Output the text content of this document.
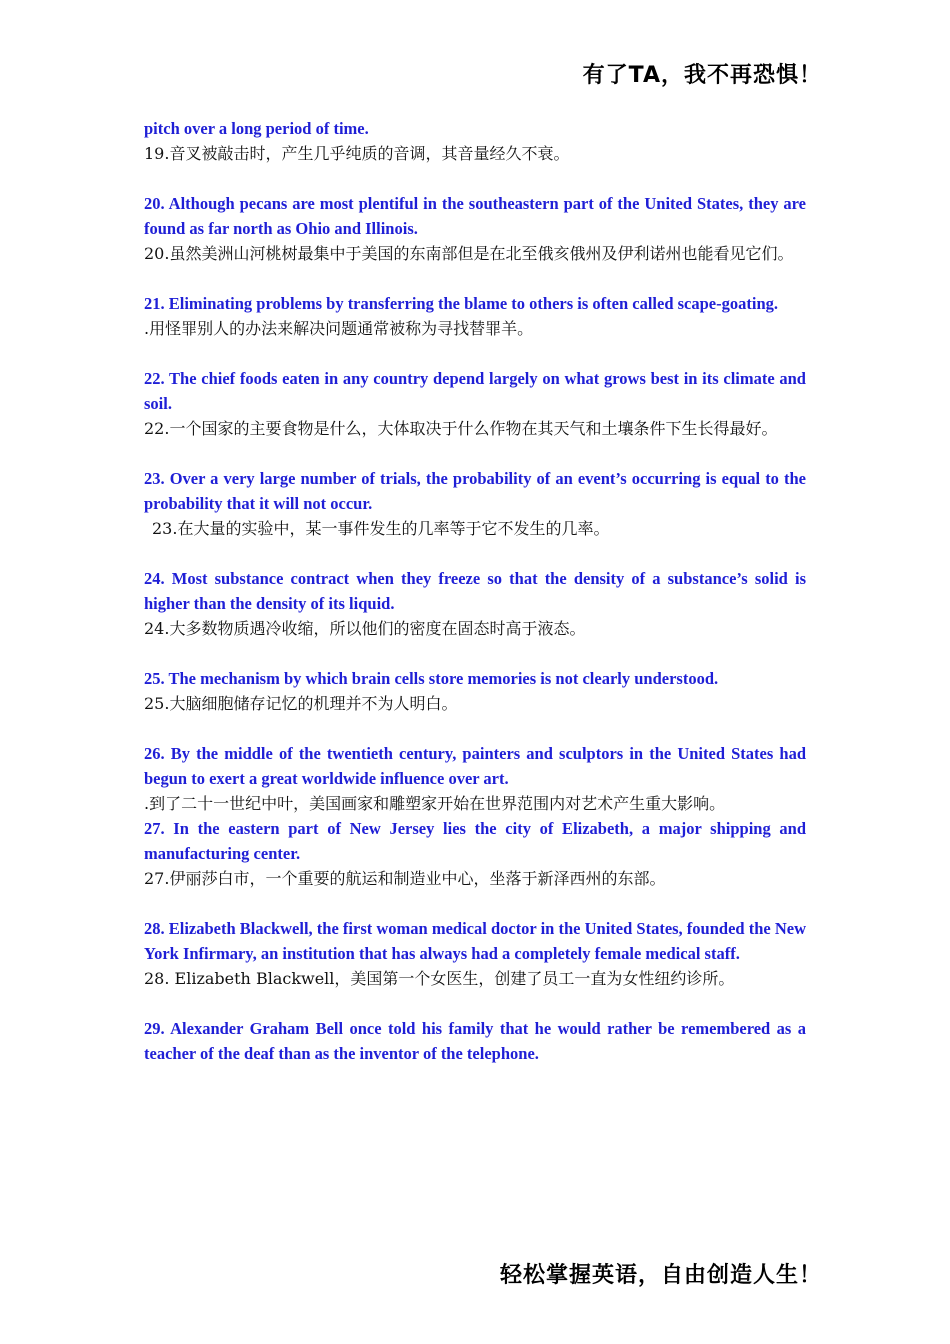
有了TA，我不再恐惧！

pitch over a long period of time.

19.音叉被敲击时，产生几乎纯质的音调，其音量经久不衰。

20. Although pecans are most plentiful in the southeastern part of the United States, they are found as far north as Ohio and Illinois.

20.虽然美洲山河桃树最集中于美国的东南部但是在北至俄亥俄州及伊利诺州也能看见它们。

21. Eliminating problems by transferring the blame to others is often called scape-goating.

.用怪罪别人的办法来解决问题通常被称为寻找替罪羊。

22. The chief foods eaten in any country depend largely on what grows best in its climate and soil.

22.一个国家的主要食物是什么，大体取决于什么作物在其天气和土壤条件下生长得最好。

23. Over a very large number of trials, the probability of an event’s occurring is equal to the probability that it will not occur.

23.在大量的实验中，某一事件发生的几率等于它不发生的几率。

24. Most substance contract when they freeze so that the density of a substance’s solid is higher than the density of its liquid.

24.大多数物质遇冷收缩，所以他们的密度在固态时高于液态。

25. The mechanism by which brain cells store memories is not clearly understood.

25.大脑细胞储存记忆的机理并不为人明白。

26. By the middle of the twentieth century, painters and sculptors in the United States had begun to exert a great worldwide influence over art.

.到了二十一世纪中叶，美国画家和雕塑家开始在世界范围内对艺术产生重大影响。

27. In the eastern part of New Jersey lies the city of Elizabeth, a major shipping and manufacturing center.

27.伊丽莎白市，一个重要的航运和制造业中心，坐落于新泽西州的东部。

28. Elizabeth Blackwell, the first woman medical doctor in the United States, founded the New York Infirmary, an institution that has always had a completely female medical staff.

28. Elizabeth Blackwell，美国第一个女医生，创建了员工一直为女性纽约诊所。

29. Alexander Graham Bell once told his family that he would rather be remembered as a teacher of the deaf than as the inventor of the telephone.

轻松掌握英语，自由创造人生！
